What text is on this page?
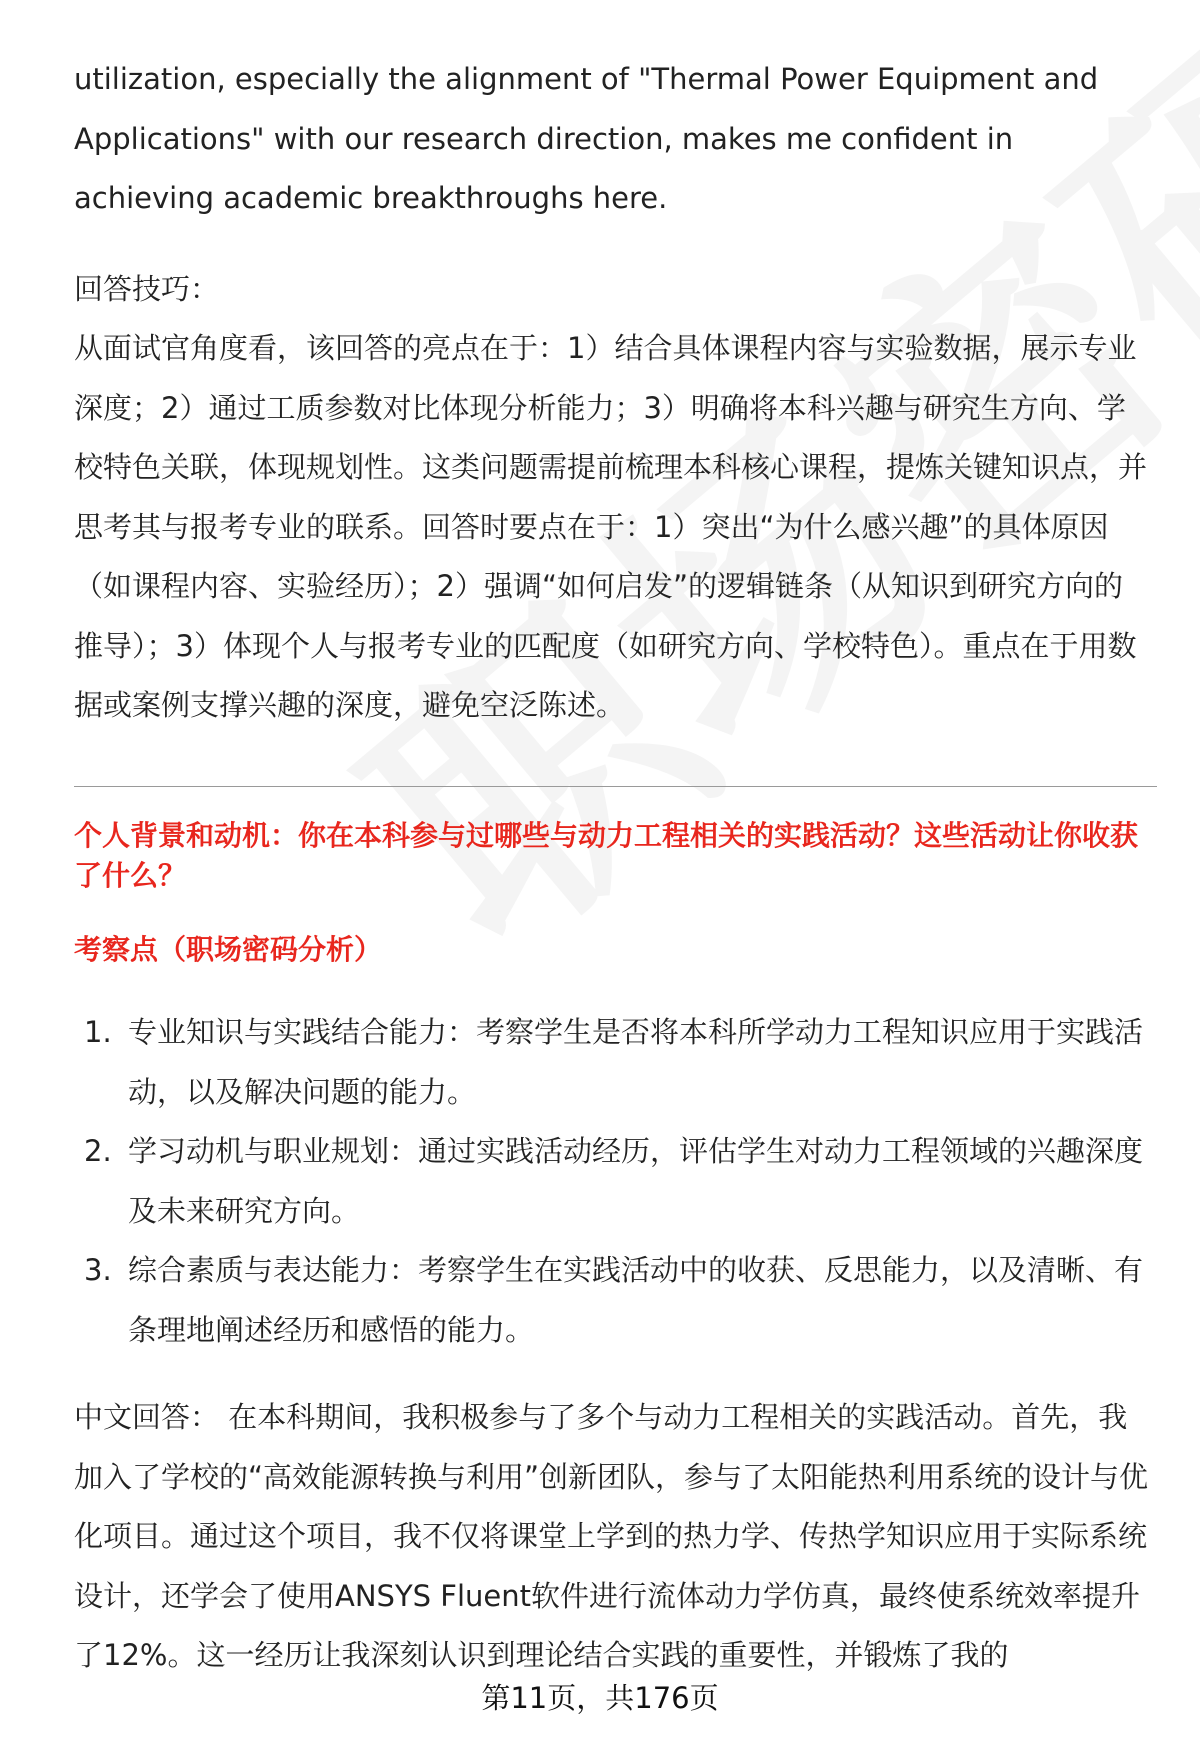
utilization, especially the alignment of "Thermal Power Equipment and Applications" with our research direction, makes me confident in achieving academic breakthroughs here.

回答技巧：

从面试官角度看，该回答的亮点在于：1）结合具体课程内容与实验数据，展示专业深度；2）通过工质参数对比体现分析能力；3）明确将本科兴趣与研究生方向、学校特色关联，体现规划性。这类问题需提前梳理本科核心课程，提炼关键知识点，并思考其与报考专业的联系。回答时要点在于：1）突出“为什么感兴趣”的具体原因（如课程内容、实验经历）；2）强调“如何启发”的逻辑链条（从知识到研究方向的推导）；3）体现个人与报考专业的匹配度（如研究方向、学校特色）。重点在于用数据或案例支撑兴趣的深度，避免空泛陈述。

个人背景和动机：你在本科参与过哪些与动力工程相关的实践活动？这些活动让你收获了什么？
考察点（职场密码分析）
1. 专业知识与实践结合能力：考察学生是否将本科所学动力工程知识应用于实践活动，以及解决问题的能力。
2. 学习动机与职业规划：通过实践活动经历，评估学生对动力工程领域的兴趣深度及未来研究方向。
3. 综合素质与表达能力：考察学生在实践活动中的收获、反思能力，以及清晰、有条理地阐述经历和感悟的能力。

中文回答： 在本科期间，我积极参与了多个与动力工程相关的实践活动。首先，我加入了学校的“高效能源转换与利用”创新团队，参与了太阳能热利用系统的设计与优化项目。通过这个项目，我不仅将课堂上学到的热力学、传热学知识应用于实际系统设计，还学会了使用ANSYS Fluent软件进行流体动力学仿真，最终使系统效率提升了12%。这一经历让我深刻认识到理论结合实践的重要性，并锻炼了我的

第11页，共176页
